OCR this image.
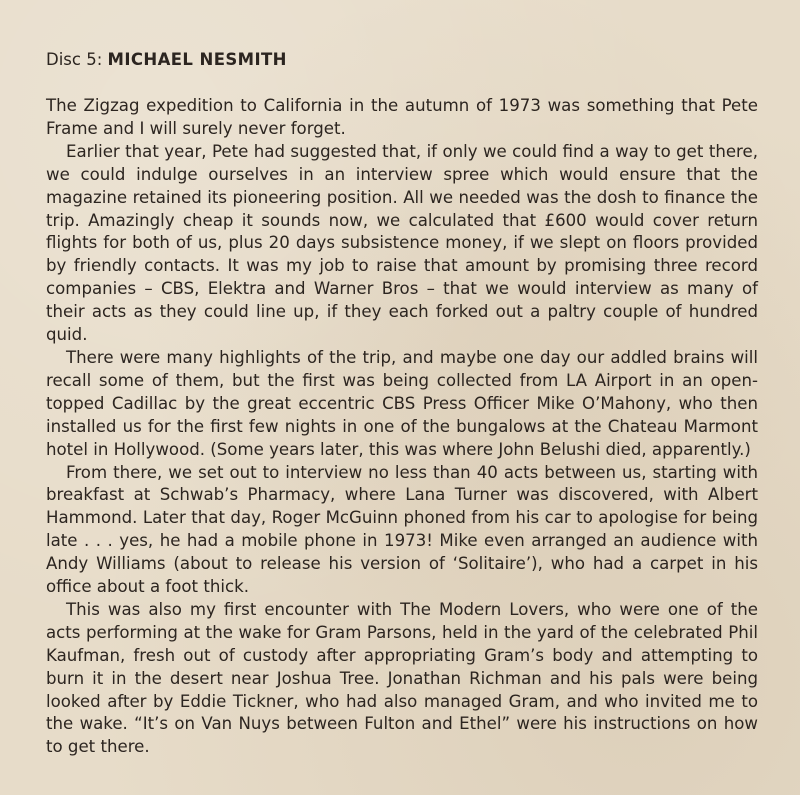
Disc 5: MICHAEL NESMITH

The Zigzag expedition to California in the autumn of 1973 was something that Pete Frame and I will surely never forget.

Earlier that year, Pete had suggested that, if only we could find a way to get there, we could indulge ourselves in an interview spree which would ensure that the magazine retained its pioneering position. All we needed was the dosh to finance the trip. Amazingly cheap it sounds now, we calculated that £600 would cover return flights for both of us, plus 20 days subsistence money, if we slept on floors provided by friendly contacts. It was my job to raise that amount by promising three record companies – CBS, Elektra and Warner Bros – that we would interview as many of their acts as they could line up, if they each forked out a paltry couple of hundred quid.

There were many highlights of the trip, and maybe one day our addled brains will recall some of them, but the first was being collected from LA Airport in an open-topped Cadillac by the great eccentric CBS Press Officer Mike O’Mahony, who then installed us for the first few nights in one of the bungalows at the Chateau Marmont hotel in Hollywood. (Some years later, this was where John Belushi died, apparently.)

From there, we set out to interview no less than 40 acts between us, starting with breakfast at Schwab’s Pharmacy, where Lana Turner was discovered, with Albert Hammond. Later that day, Roger McGuinn phoned from his car to apologise for being late . . . yes, he had a mobile phone in 1973! Mike even arranged an audience with Andy Williams (about to release his version of ‘Solitaire’), who had a carpet in his office about a foot thick.

This was also my first encounter with The Modern Lovers, who were one of the acts performing at the wake for Gram Parsons, held in the yard of the celebrated Phil Kaufman, fresh out of custody after appropriating Gram’s body and attempting to burn it in the desert near Joshua Tree. Jonathan Richman and his pals were being looked after by Eddie Tickner, who had also managed Gram, and who invited me to the wake. “It’s on Van Nuys between Fulton and Ethel” were his instructions on how to get there.
